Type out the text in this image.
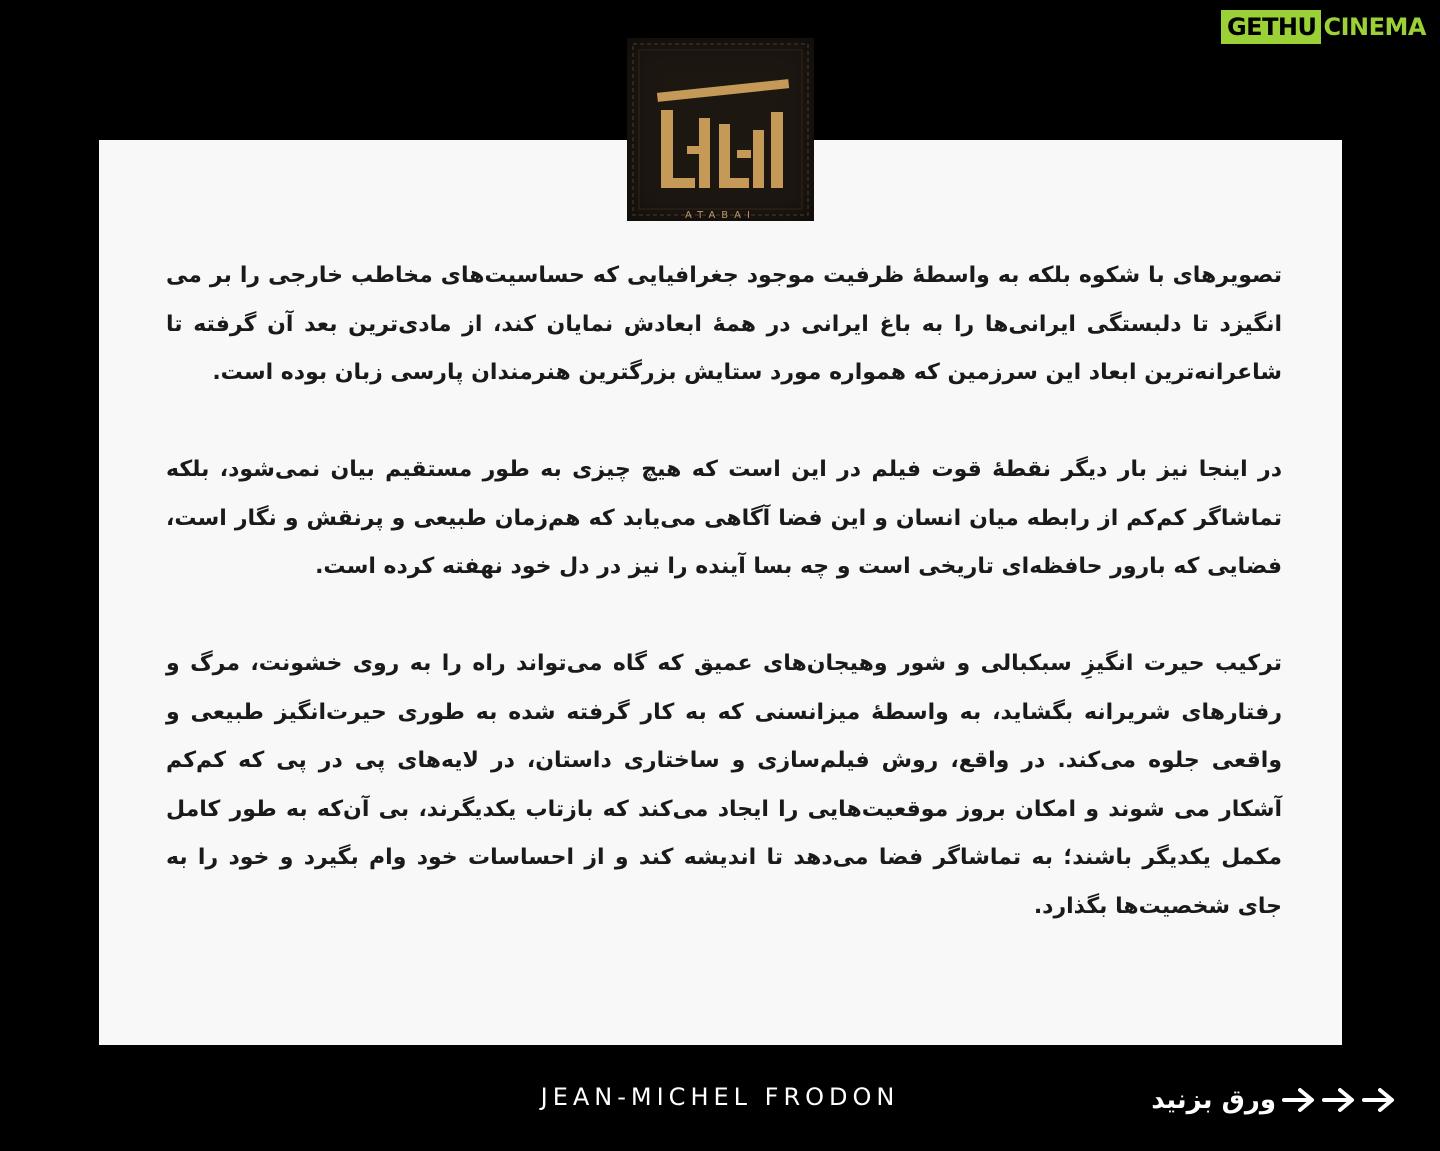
GETHU CINEMA
ATABAI

تصویرهای با شکوه بلکه به واسطهٔ ظرفیت موجود جغرافیایی که حساسیت‌های مخاطب خارجی را بر می انگیزد تا دلبستگی ایرانی‌ها را به باغ ایرانی در همهٔ ابعادش نمایان کند، از مادی‌ترین بعد آن گرفته تا شاعرانه‌ترین ابعاد این سرزمین که همواره مورد ستایش بزرگترین هنرمندان پارسی زبان بوده است.

در اینجا نیز بار دیگر نقطهٔ قوت فیلم در این است که هیچ چیزی به طور مستقیم بیان نمی‌شود، بلکه تماشاگر کم‌کم از رابطه میان انسان و این فضا آگاهی می‌یابد که هم‌زمان طبیعی و پرنقش و نگار است، فضایی که بارور حافظه‌ای تاریخی است و چه بسا آینده را نیز در دل خود نهفته کرده است.

ترکیب حیرت انگیزِ سبکبالی و شور وهیجان‌های عمیق که گاه می‌تواند راه را به روی خشونت، مرگ و رفتارهای شریرانه بگشاید، به واسطهٔ میزانسنی که به کار گرفته شده به طوری حیرت‌انگیز طبیعی و واقعی جلوه می‌کند. در واقع، روش فیلم‌سازی و ساختاری داستان، در لایه‌های پی در پی که کم‌کم آشکار می شوند و امکان بروز موقعیت‌هایی را ایجاد می‌کند که بازتاب یکدیگرند، بی آن‌که به طور کامل مکمل یکدیگر باشند؛ به تماشاگر فضا می‌دهد تا اندیشه کند و از احساسات خود وام بگیرد و خود را به جای شخصیت‌ها بگذارد.

JEAN-MICHEL FRODON	ورق بزنید
